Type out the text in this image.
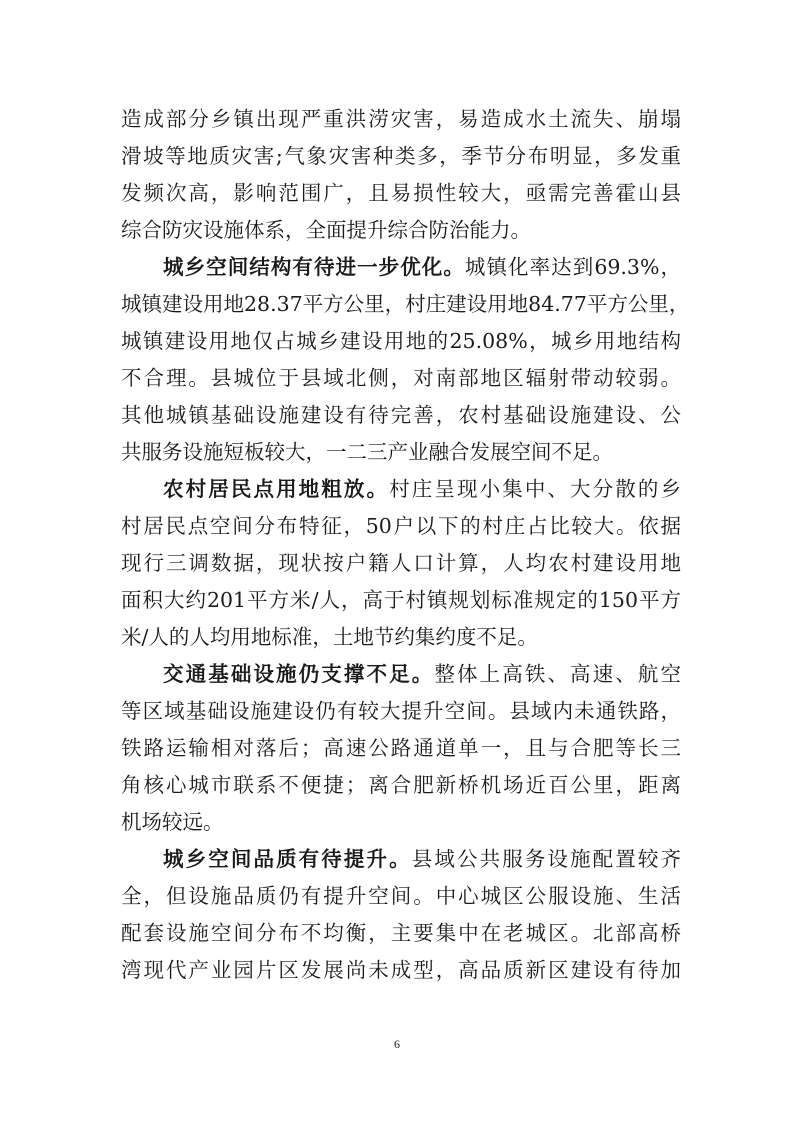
造成部分乡镇出现严重洪涝灾害，易造成水土流失、崩塌
滑坡等地质灾害;气象灾害种类多，季节分布明显，多发重
发频次高，影响范围广，且易损性较大，亟需完善霍山县
综合防灾设施体系，全面提升综合防治能力。
城乡空间结构有待进一步优化。城镇化率达到69.3%，
城镇建设用地28.37平方公里，村庄建设用地84.77平方公里，
城镇建设用地仅占城乡建设用地的25.08%，城乡用地结构
不合理。县城位于县域北侧，对南部地区辐射带动较弱。
其他城镇基础设施建设有待完善，农村基础设施建设、公
共服务设施短板较大，一二三产业融合发展空间不足。
农村居民点用地粗放。村庄呈现小集中、大分散的乡
村居民点空间分布特征，50户以下的村庄占比较大。依据
现行三调数据，现状按户籍人口计算，人均农村建设用地
面积大约201平方米/人，高于村镇规划标准规定的150平方
米/人的人均用地标准，土地节约集约度不足。
交通基础设施仍支撑不足。整体上高铁、高速、航空
等区域基础设施建设仍有较大提升空间。县域内未通铁路，
铁路运输相对落后；高速公路通道单一，且与合肥等长三
角核心城市联系不便捷；离合肥新桥机场近百公里，距离
机场较远。
城乡空间品质有待提升。县域公共服务设施配置较齐
全，但设施品质仍有提升空间。中心城区公服设施、生活
配套设施空间分布不均衡，主要集中在老城区。北部高桥
湾现代产业园片区发展尚未成型，高品质新区建设有待加
6
